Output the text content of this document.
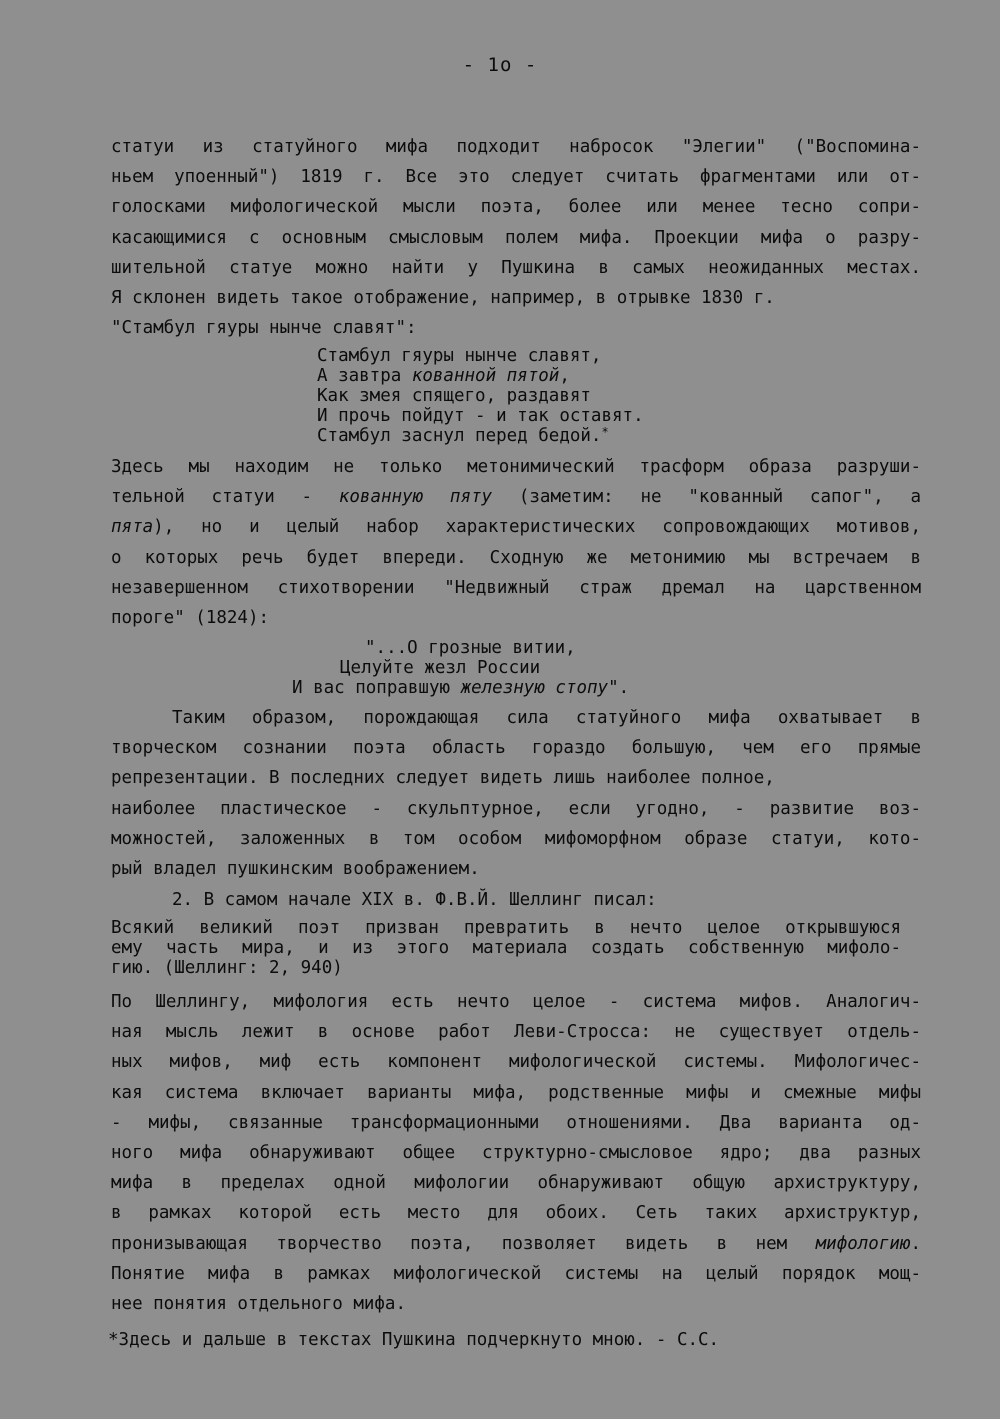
- 1о -
статуи из статуйного мифа подходит набросок "Элегии" ("Воспомина-
ньем упоенный") 1819 г. Все это следует считать фрагментами или от-
голосками мифологической мысли поэта, более или менее тесно сопри-
касающимися с основным смысловым полем мифа. Проекции мифа о разру-
шительной статуе можно найти у Пушкина в самых неожиданных местах.
Я склонен видеть такое отображение, например, в отрывке 1830 г.
"Стамбул гяуры нынче славят":
Стамбул гяуры нынче славят,
А завтра кованной пятой,
Как змея спящего, раздавят
И прочь пойдут - и так оставят.
Стамбул заснул перед бедой.*
Здесь мы находим не только метонимический трасформ образа разруши-
тельной статуи - кованную пяту (заметим: не "кованный сапог", а
пята), но и целый набор характеристических сопровождающих мотивов,
о которых речь будет впереди. Сходную же метонимию мы встречаем в
незавершенном стихотворении "Недвижный страж дремал на царственном
пороге" (1824):
"...О грозные витии,
Целуйте жезл России
И вас поправшую железную стопу".
Таким образом, порождающая сила статуйного мифа охватывает в
творческом сознании поэта область гораздо большую, чем его прямые
репрезентации. В последних следует видеть лишь наиболее полное,
наиболее пластическое - скульптурное, если угодно, - развитие воз-
можностей, заложенных в том особом мифоморфном образе статуи, кото-
рый владел пушкинским воображением.
2. В самом начале XIX в. Ф.В.Й. Шеллинг писал:
Всякий великий поэт призван превратить в нечто целое открывшуюся
ему часть мира, и из этого материала создать собственную мифоло-
гию. (Шеллинг: 2, 940)
По Шеллингу, мифология есть нечто целое - система мифов. Аналогич-
ная мысль лежит в основе работ Леви-Стросса: не существует отдель-
ных мифов, миф есть компонент мифологической системы. Мифологичес-
кая система включает варианты мифа, родственные мифы и смежные мифы
- мифы, связанные трансформационными отношениями. Два варианта од-
ного мифа обнаруживают общее структурно-смысловое ядро; два разных
мифа в пределах одной мифологии обнаруживают общую архиструктуру,
в рамках которой есть место для обоих. Сеть таких архиструктур,
пронизывающая творчество поэта, позволяет видеть в нем мифологию.
Понятие мифа в рамках мифологической системы на целый порядок мощ-
нее понятия отдельного мифа.
*Здесь и дальше в текстах Пушкина подчеркнуто мною. - С.С.
